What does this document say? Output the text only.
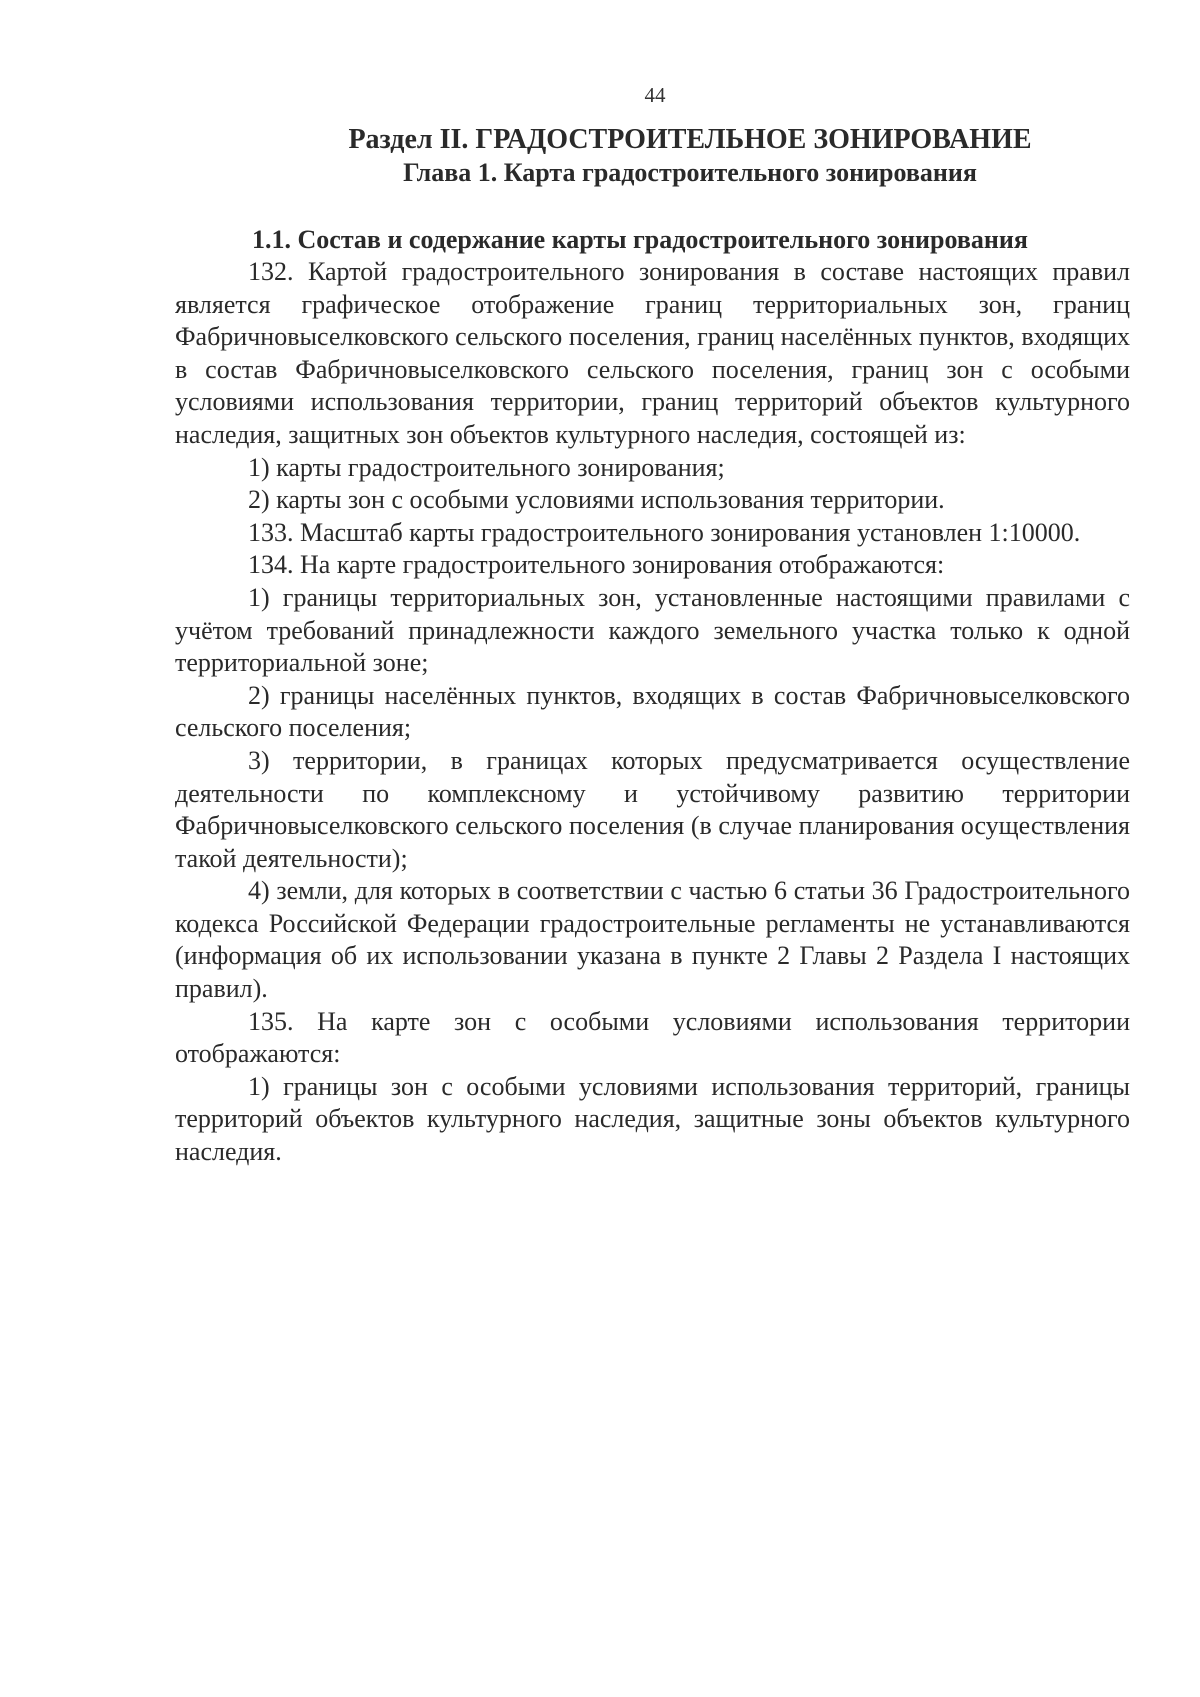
44
Раздел II. ГРАДОСТРОИТЕЛЬНОЕ ЗОНИРОВАНИЕ
Глава 1. Карта градостроительного зонирования
1.1. Состав и содержание карты градостроительного зонирования

132. Картой градостроительного зонирования в составе настоящих правил является графическое отображение границ территориальных зон, границ Фабричновыселковского сельского поселения, границ населённых пунктов, входящих в состав Фабричновыселковского сельского поселения, границ зон с особыми условиями использования территории, границ территорий объектов культурного наследия, защитных зон объектов культурного наследия, состоящей из:

1) карты градостроительного зонирования;

2) карты зон с особыми условиями использования территории.

133. Масштаб карты градостроительного зонирования установлен 1:10000.

134. На карте градостроительного зонирования отображаются:

1) границы территориальных зон, установленные настоящими правилами с учётом требований принадлежности каждого земельного участка только к одной территориальной зоне;

2) границы населённых пунктов, входящих в состав Фабричновыселковского сельского поселения;

3) территории, в границах которых предусматривается осуществление деятельности по комплексному и устойчивому развитию территории Фабричновыселковского сельского поселения (в случае планирования осуществления такой деятельности);

4) земли, для которых в соответствии с частью 6 статьи 36 Градостроительного кодекса Российской Федерации градостроительные регламенты не устанавливаются (информация об их использовании указана в пункте 2 Главы 2 Раздела I настоящих правил).

135. На карте зон с особыми условиями использования территории отображаются:

1) границы зон с особыми условиями использования территорий, границы территорий объектов культурного наследия, защитные зоны объектов культурного наследия.
